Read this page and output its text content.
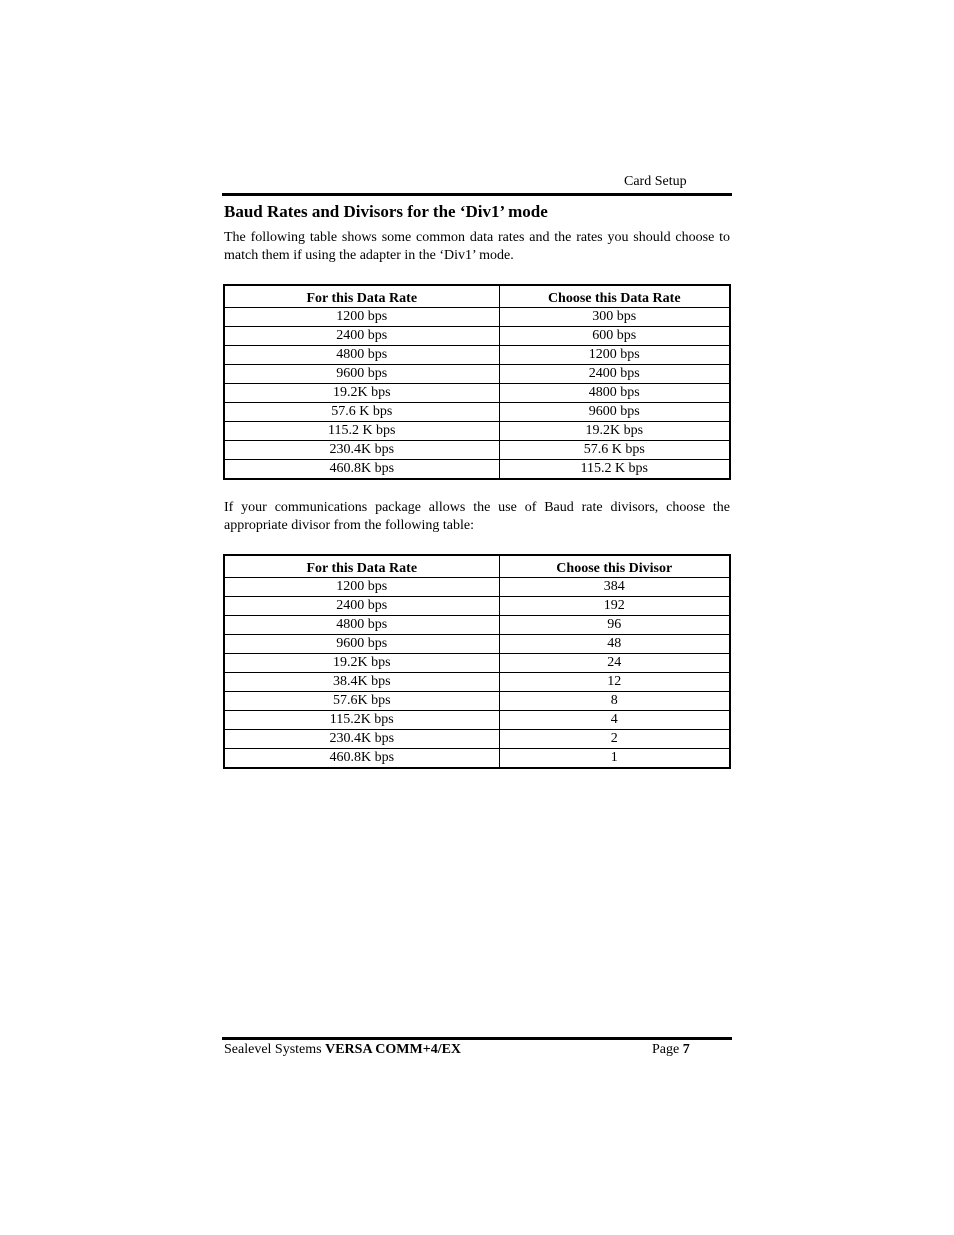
Card Setup
Baud Rates and Divisors for the ‘Div1’ mode

The following table shows some common data rates and the rates you should choose to match them if using the adapter in the ‘Div1’ mode.

For this Data Rate	Choose this Data Rate
1200 bps	300 bps
2400 bps	600 bps
4800 bps	1200 bps
9600 bps	2400 bps
19.2K bps	4800 bps
57.6 K bps	9600 bps
115.2 K bps	19.2K bps
230.4K bps	57.6 K bps
460.8K bps	115.2 K bps

If your communications package allows the use of Baud rate divisors, choose the appropriate divisor from the following table:

For this Data Rate	Choose this Divisor
1200 bps	384
2400 bps	192
4800 bps	96
9600 bps	48
19.2K bps	24
38.4K bps	12
57.6K bps	8
115.2K bps	4
230.4K bps	2
460.8K bps	1
Sealevel Systems VERSA COMM+4/EX	Page 7
